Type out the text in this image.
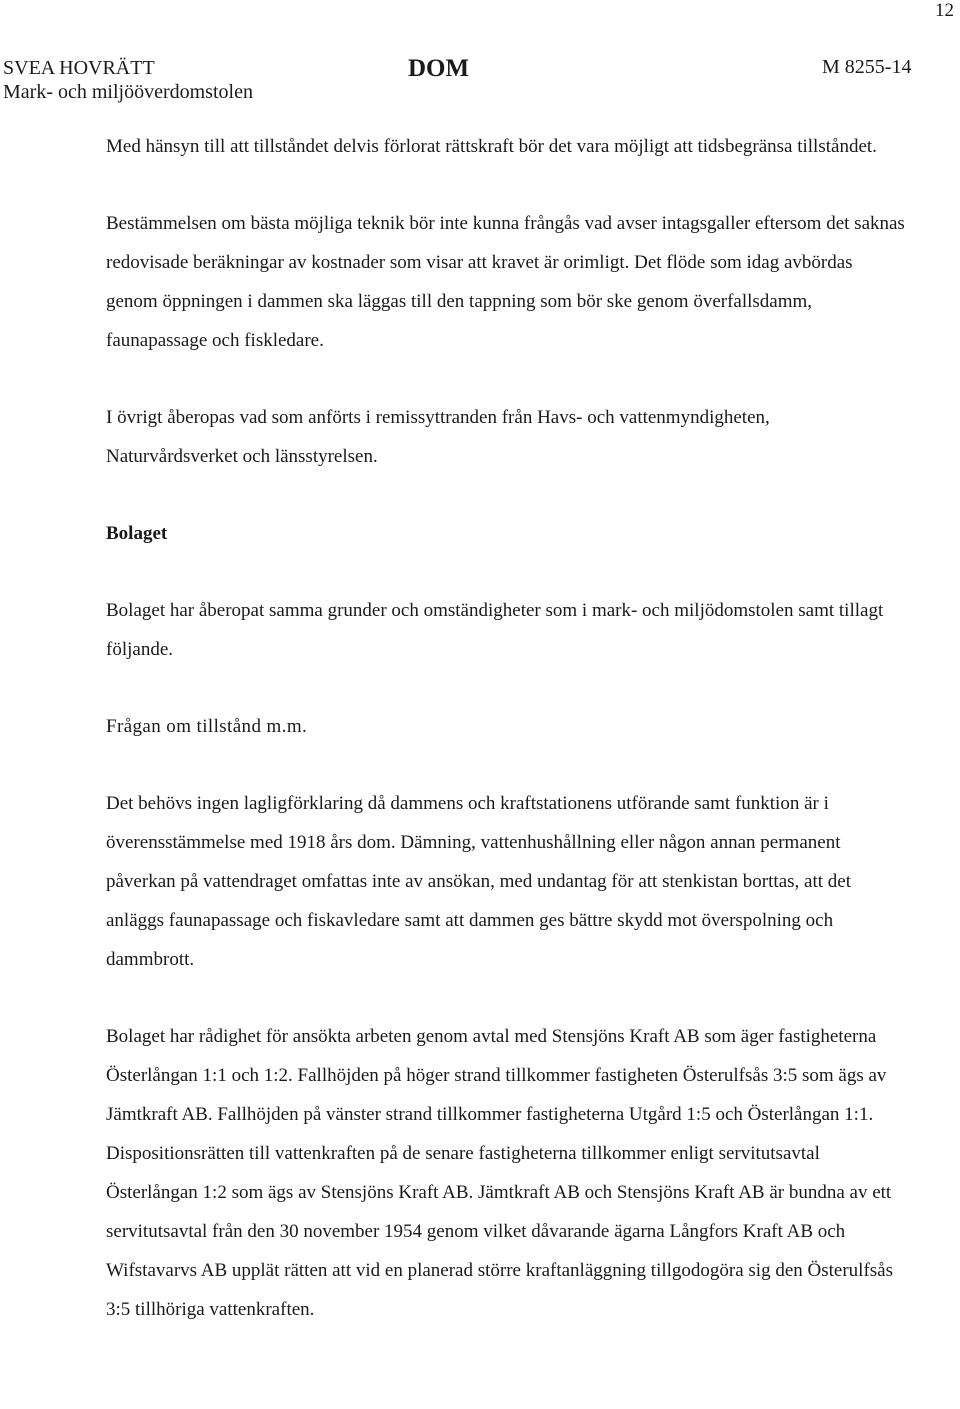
12
SVEA HOVRÄTT
Mark- och miljööverdomstolen
DOM	M 8255-14

Med hänsyn till att tillståndet delvis förlorat rättskraft bör det vara möjligt att tidsbegränsa tillståndet.

Bestämmelsen om bästa möjliga teknik bör inte kunna frångås vad avser intagsgaller eftersom det saknas redovisade beräkningar av kostnader som visar att kravet är orimligt. Det flöde som idag avbördas genom öppningen i dammen ska läggas till den tappning som bör ske genom överfallsdamm, faunapassage och fiskledare.

I övrigt åberopas vad som anförts i remissyttranden från Havs- och vattenmyndigheten, Naturvårdsverket och länsstyrelsen.

Bolaget

Bolaget har åberopat samma grunder och omständigheter som i mark- och miljödomstolen samt tillagt följande.

Frågan om tillstånd m.m.

Det behövs ingen lagligförklaring då dammens och kraftstationens utförande samt funktion är i överensstämmelse med 1918 års dom. Dämning, vattenhushållning eller någon annan permanent påverkan på vattendraget omfattas inte av ansökan, med undantag för att stenkistan borttas, att det anläggs faunapassage och fiskavledare samt att dammen ges bättre skydd mot överspolning och dammbrott.

Bolaget har rådighet för ansökta arbeten genom avtal med Stensjöns Kraft AB som äger fastigheterna Österlångan 1:1 och 1:2. Fallhöjden på höger strand tillkommer fastigheten Österulfsås 3:5 som ägs av Jämtkraft AB. Fallhöjden på vänster strand tillkommer fastigheterna Utgård 1:5 och Österlångan 1:1. Dispositionsrätten till vattenkraften på de senare fastigheterna tillkommer enligt servitutsavtal Österlångan 1:2 som ägs av Stensjöns Kraft AB. Jämtkraft AB och Stensjöns Kraft AB är bundna av ett servitutsavtal från den 30 november 1954 genom vilket dåvarande ägarna Långfors Kraft AB och Wifstavarvs AB upplät rätten att vid en planerad större kraftanläggning tillgodogöra sig den Österulfsås 3:5 tillhöriga vattenkraften.
